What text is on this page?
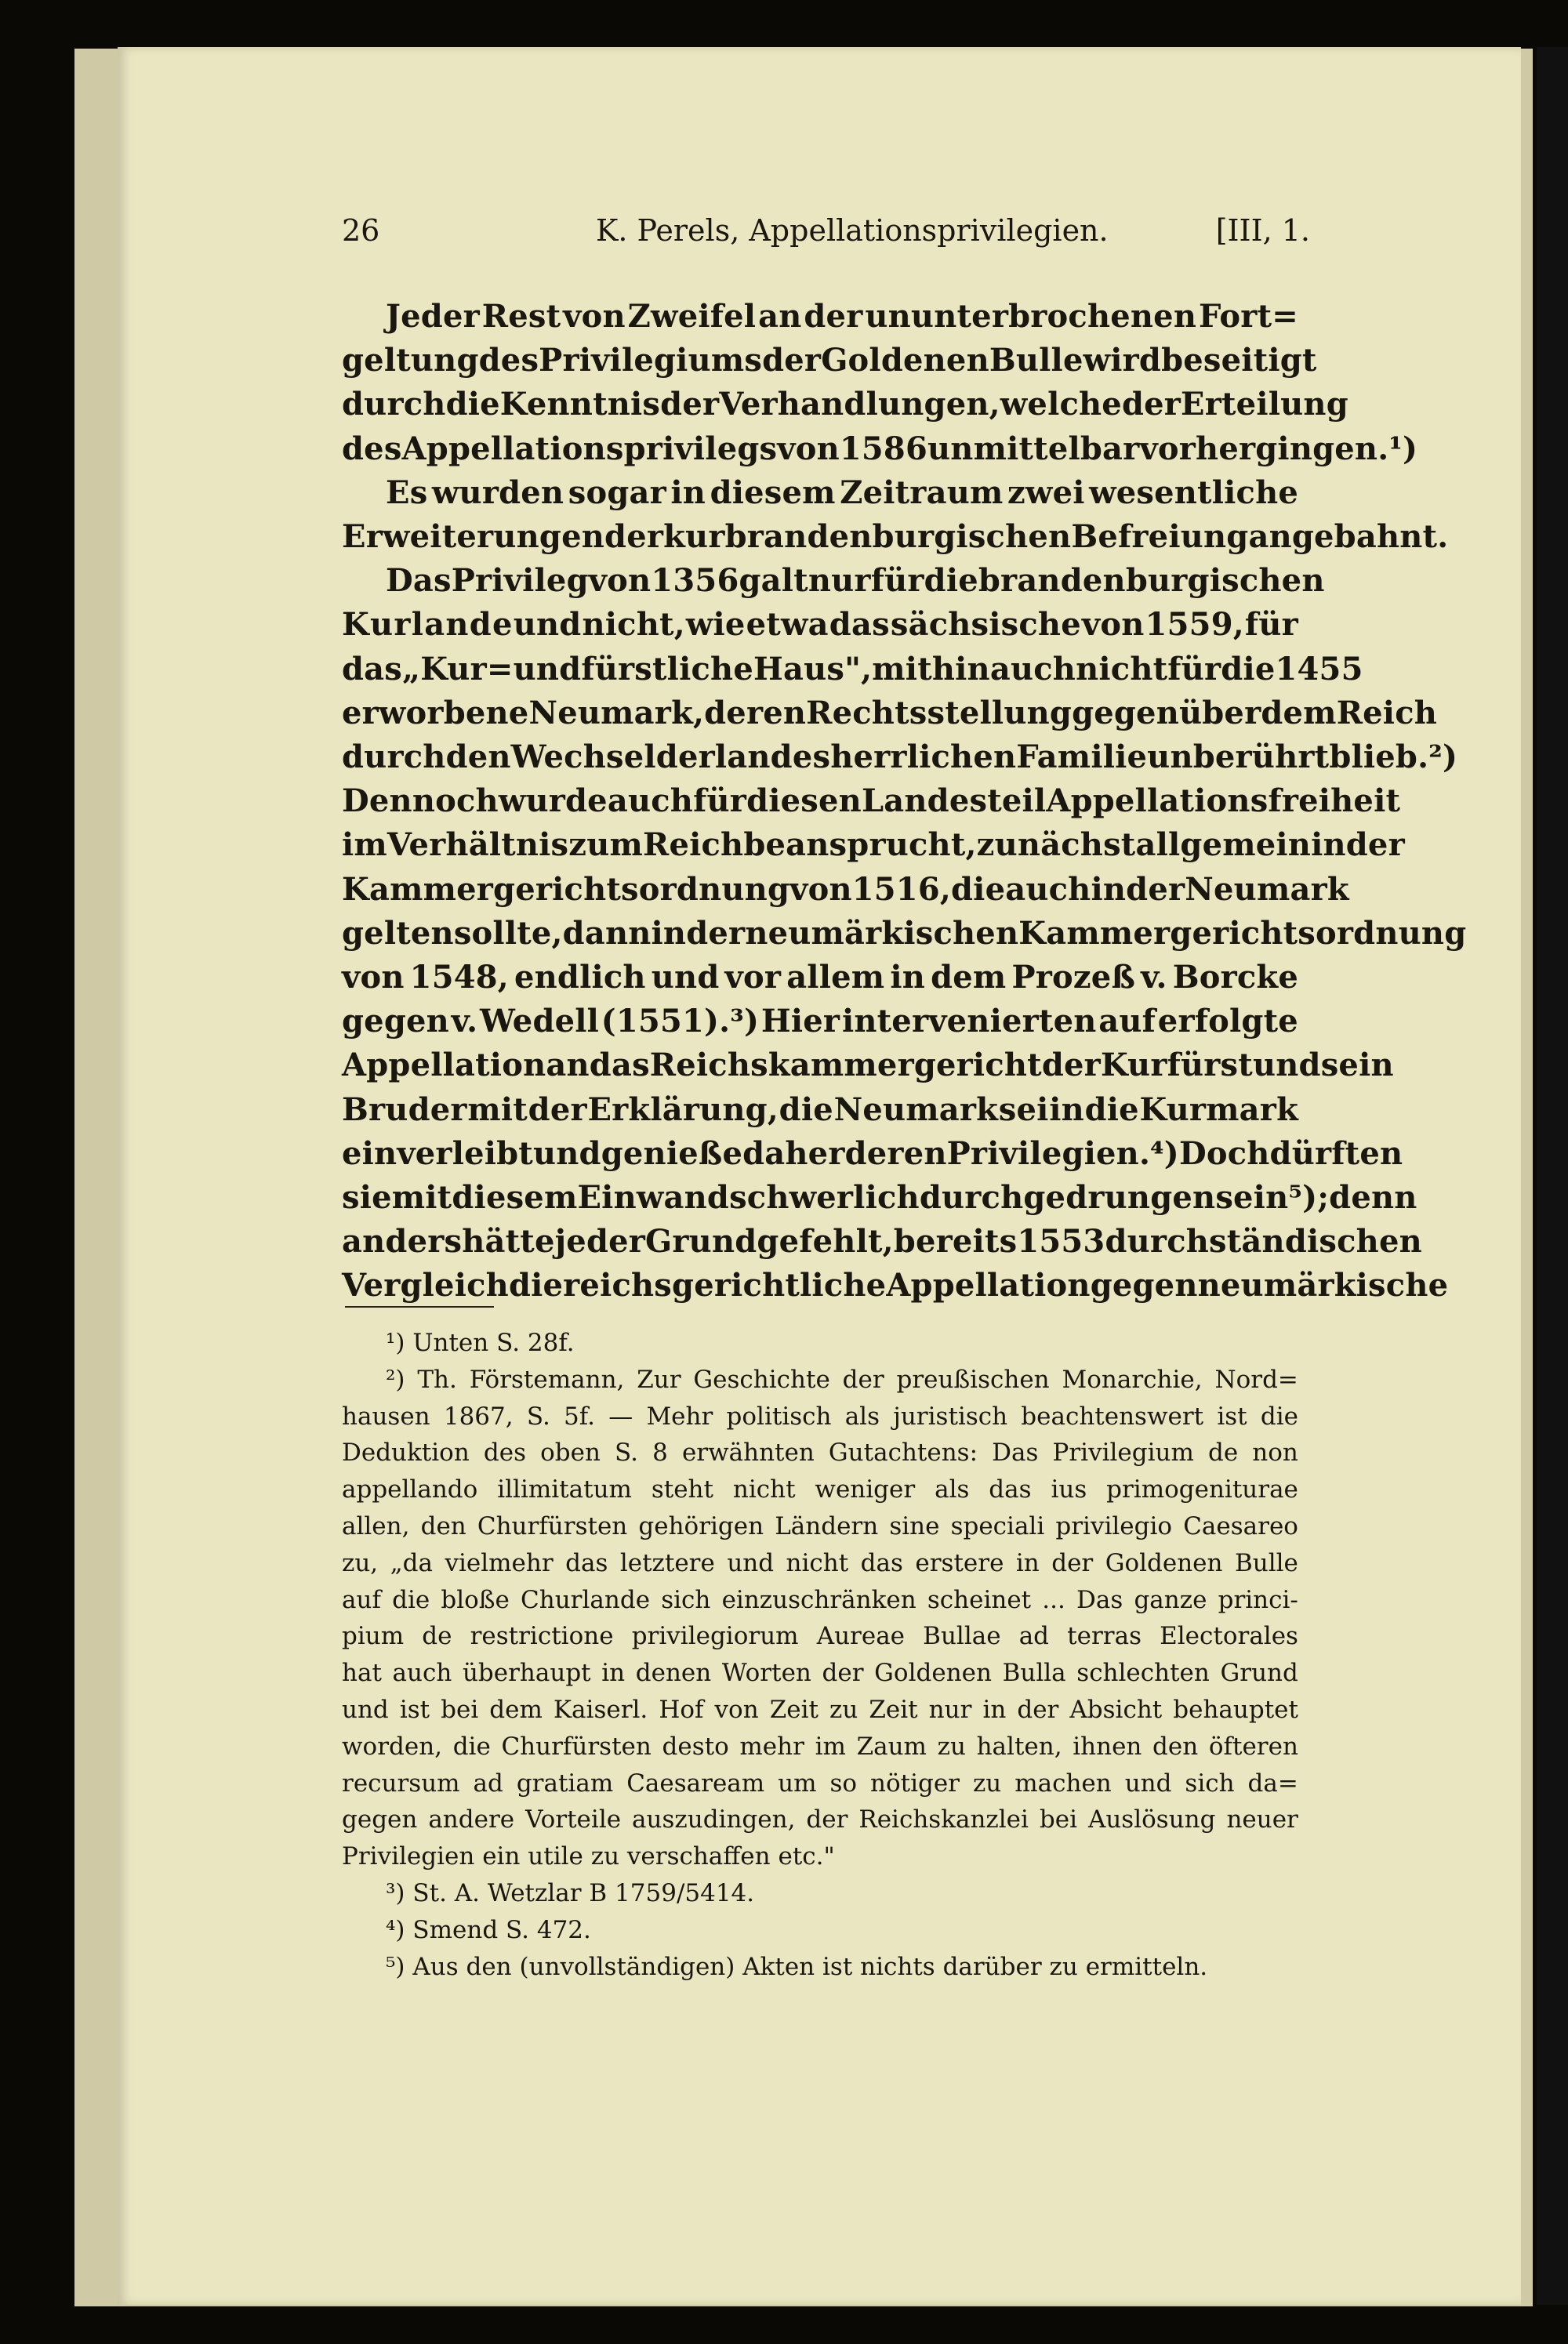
26	K. Perels, Appellationsprivilegien.	[III, 1.
Jeder Rest von Zweifel an der ununterbrochenen Fort=
geltung des Privilegiums der Goldenen Bulle wird beseitigt
durch die Kenntnis der Verhandlungen, welche der Erteilung
des Appellationsprivilegs von 1586 unmittelbar vorhergingen.¹)
Es wurden sogar in diesem Zeitraum zwei wesentliche
E r w e i t e r u n g e n der kurbrandenburgischen Befreiung angebahnt.
Das Privileg von 1356 galt nur für die brandenburgischen
K u r l a n d e und nicht, wie etwa das sächsische von 1559, für
das „Kur= und fürstliche H a u s", mithin auch nicht für die 1455
erworbene Neumark, deren Rechtsstellung gegenüber dem Reich
durch den Wechsel der landesherrlichen Familie unberührt blieb.²)
Dennoch wurde auch für diesen Landesteil Appellationsfreiheit
im Verhältnis zum Reich beansprucht, zunächst allgemein in der
Kammergerichtsordnung von 1516, die auch in der Neumark
gelten sollte, dann in der neumärkischen Kammergerichtsordnung
von 1548, endlich und vor allem in dem Prozeß v. Borcke
gegen v. Wedell (1551).³) Hier intervenierten auf erfolgte
Appellation an das Reichskammergericht der Kurfürst und sein
Bruder mit der Erklärung, die Neumark sei in die Kurmark
einverleibt und genieße daher deren Privilegien.⁴) Doch dürften
sie mit diesem Einwand schwerlich durchgedrungen sein⁵); denn
anders hätte jeder Grund gefehlt, bereits 1553 durch ständischen
Vergleich die reichsgerichtliche Appellation gegen neumärkische
¹) Unten S. 28f.
²) Th. Förstemann, Zur Geschichte der preußischen Monarchie, Nord=
hausen 1867, S. 5f. — Mehr politisch als juristisch beachtenswert ist die
Deduktion des oben S. 8 erwähnten Gutachtens: Das Privilegium de non
appellando illimitatum steht nicht weniger als das ius primogeniturae
allen, den Churfürsten gehörigen Ländern sine speciali privilegio Caesareo
zu, „da vielmehr das letztere und nicht das erstere in der Goldenen Bulle
auf die bloße Churlande sich einzuschränken scheinet ... Das ganze princi-
pium de restrictione privilegiorum Aureae Bullae ad terras Electorales
hat auch überhaupt in denen Worten der Goldenen Bulla schlechten Grund
und ist bei dem Kaiserl. Hof von Zeit zu Zeit nur in der Absicht behauptet
worden, die Churfürsten desto mehr im Zaum zu halten, ihnen den öfteren
recursum ad gratiam Caesaream um so nötiger zu machen und sich da=
gegen andere Vorteile auszudingen, der Reichskanzlei bei Auslösung neuer
Privilegien ein utile zu verschaffen etc."
³) St. A. Wetzlar B 1759/5414.
⁴) Smend S. 472.
⁵) Aus den (unvollständigen) Akten ist nichts darüber zu ermitteln.
